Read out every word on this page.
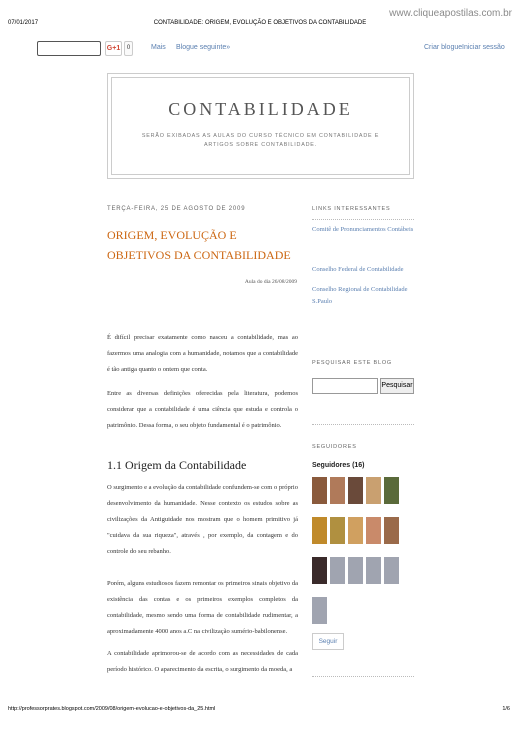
07/01/2017	CONTABILIDADE: ORIGEM, EVOLUÇÃO E OBJETIVOS DA CONTABILIDADE
www.cliqueapostilas.com.br
G+1	0	Mais Blogue seguinte»	Criar blogue Iniciar sessão
CONTABILIDADE
SERÃO EXIBADAS AS AULAS DO CURSO TÉCNICO EM CONTABILIDADE E ARTIGOS SOBRE CONTABILIDADE.
TERÇA-FEIRA, 25 DE AGOSTO DE 2009
ORIGEM, EVOLUÇÃO E OBJETIVOS DA CONTABILIDADE
Aula do dia 26/08/2009

É difícil precisar exatamente como nasceu a contabilidade, mas ao fazermos uma analogia com a humanidade, notamos que a contabilidade é tão antiga quanto o ontem que conta.

Entre as diversas definições oferecidas pela literatura, podemos considerar que a contabilidade é uma ciência que estuda e controla o patrimônio. Dessa forma, o seu objeto fundamental é o patrimônio.

1.1 Origem da Contabilidade

O surgimento e a evolução da contabilidade confundem-se com o próprio desenvolvimento da humanidade. Nesse contexto os estudos sobre as civilizações da Antiguidade nos mostram que o homem primitivo já "cuidava da sua riqueza", através , por exemplo, da contagem e do controle do seu rebanho.

Porém, alguns estudiosos fazem remontar os primeiros sinais objetivo da existência das contas e os primeiros exemplos completos da contabilidade, mesmo sendo uma forma de contabilidade rudimentar, a aproximadamente 4000 anos a.C na civilização sumério-babilonense.

A contabilidade aprimorou-se de acordo com as necessidades de cada período histórico. O aparecimento da escrita, o surgimento da moeda, a

LINKS INTERESSANTES
Comitê de Pronunciamentos Contábeis
Conselho Federal de Contabilidade
Conselho Regional de Contabilidade S.Paulo
PESQUISAR ESTE BLOG
Pesquisar
SEGUIDORES
Seguidores (16)
Seguir
http://professorprates.blogspot.com/2009/08/origem-evolucao-e-objetivos-da_25.html	1/6
